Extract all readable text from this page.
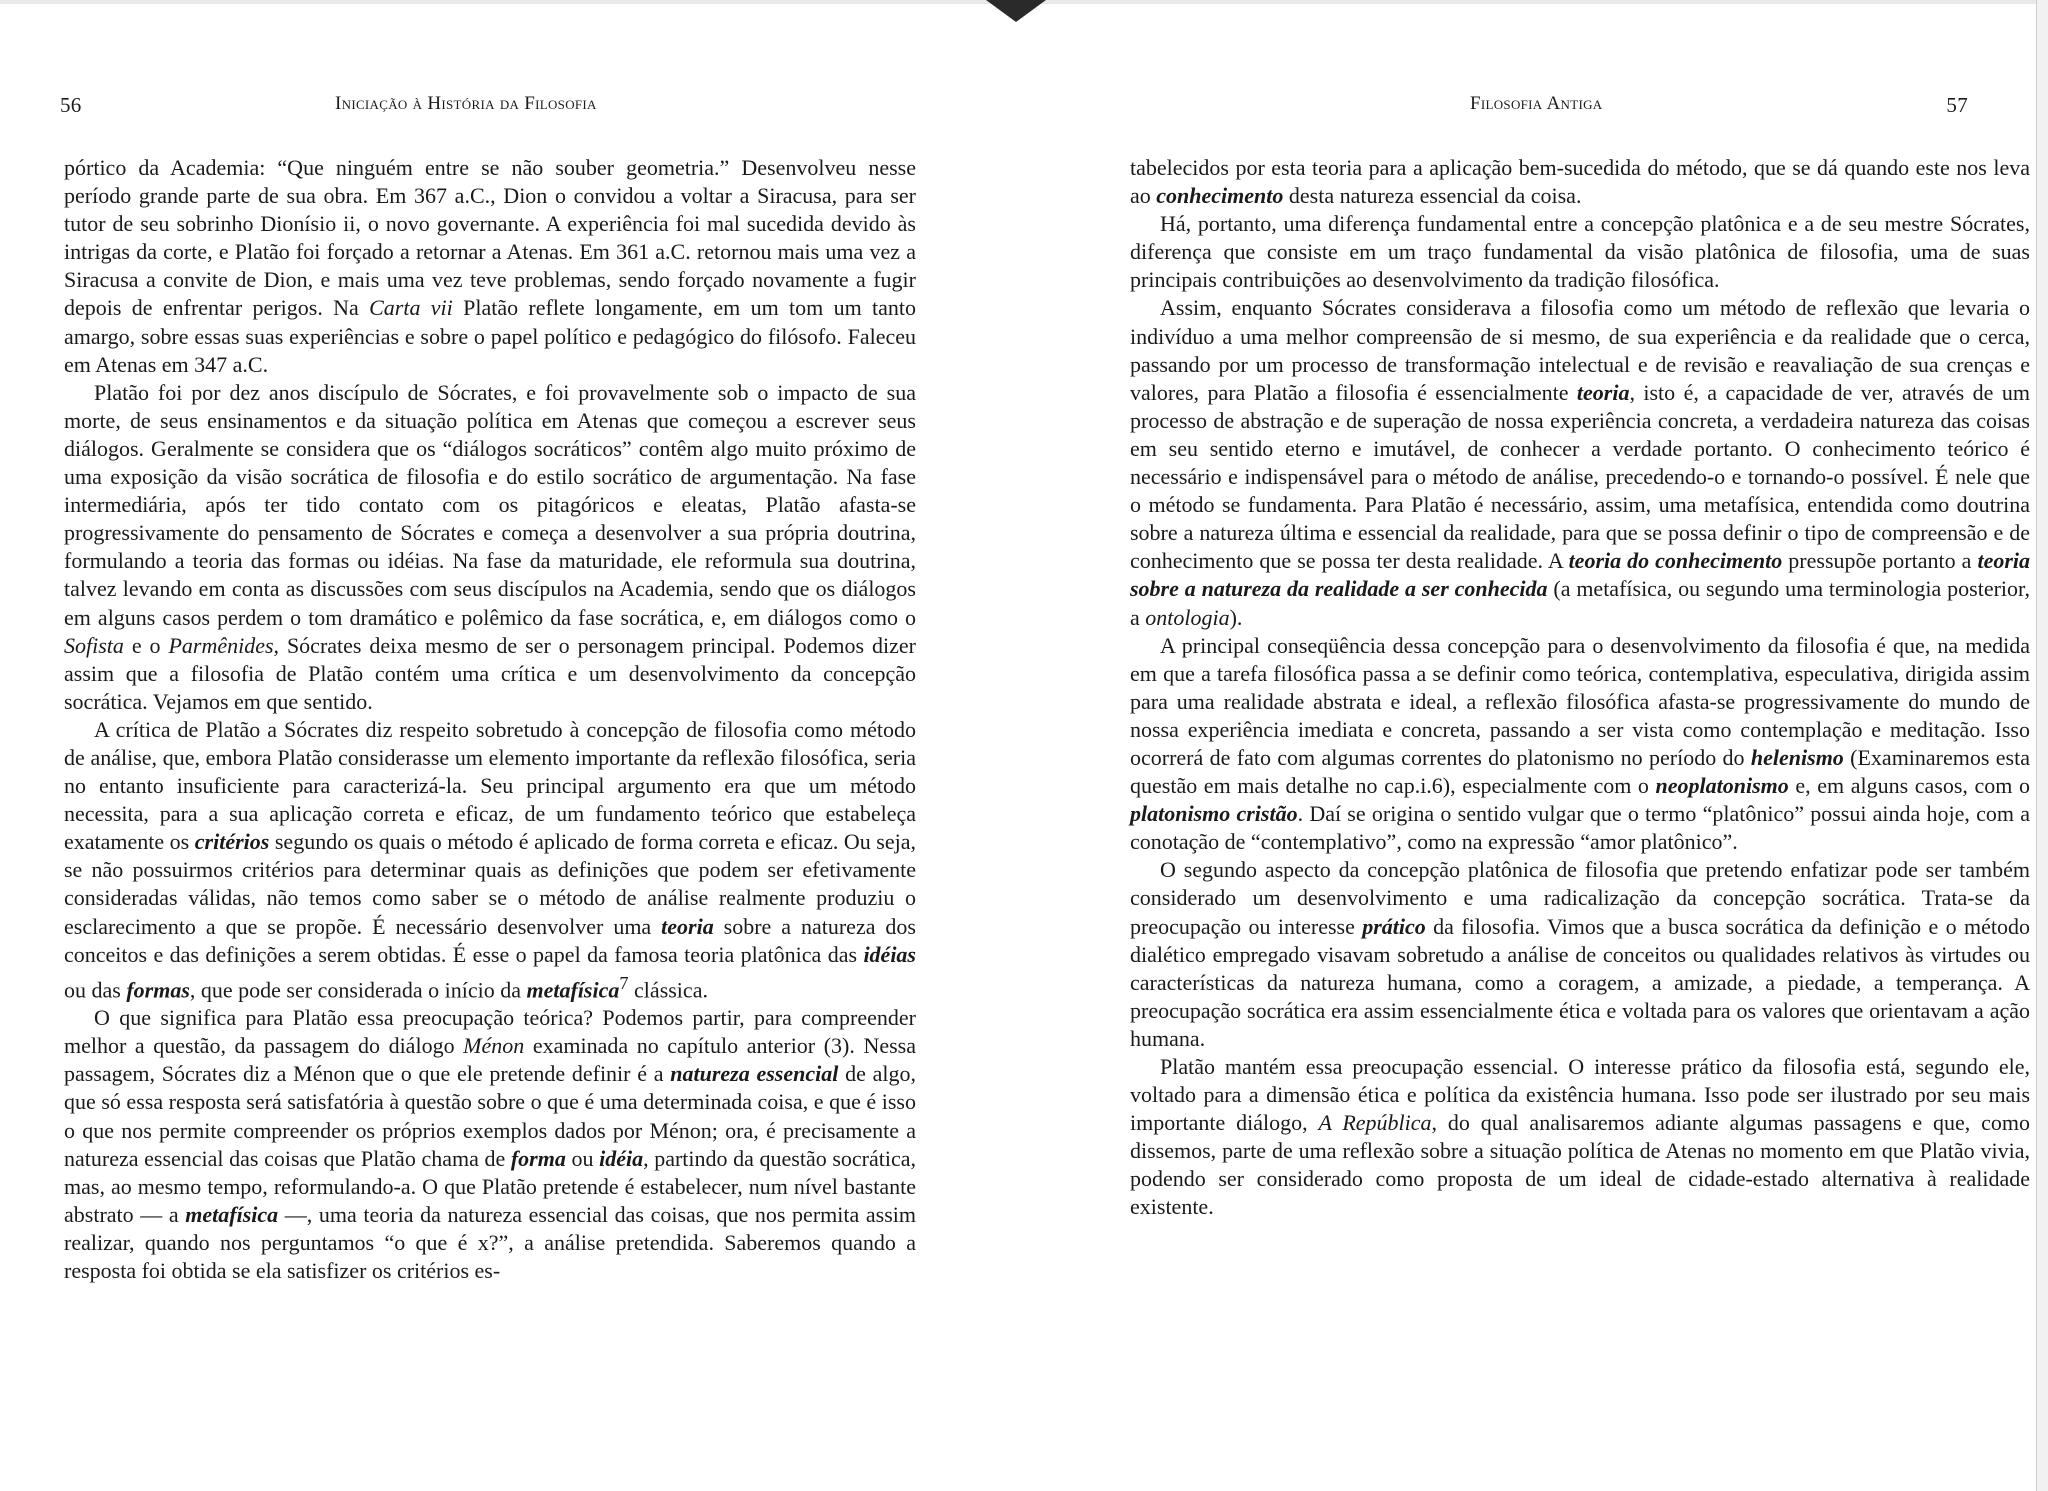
56	Iniciação à História da Filosofia

pórtico da Academia: “Que ninguém entre se não souber geometria.” Desenvolveu nesse período grande parte de sua obra. Em 367 a.C., Dion o convidou a voltar a Siracusa, para ser tutor de seu sobrinho Dionísio ii, o novo governante. A experiência foi mal sucedida devido às intrigas da corte, e Platão foi forçado a retornar a Atenas. Em 361 a.C. retornou mais uma vez a Siracusa a convite de Dion, e mais uma vez teve problemas, sendo forçado novamente a fugir depois de enfrentar perigos. Na Carta vii Platão reflete longamente, em um tom um tanto amargo, sobre essas suas experiências e sobre o papel político e pedagógico do filósofo. Faleceu em Atenas em 347 a.C.

Platão foi por dez anos discípulo de Sócrates, e foi provavelmente sob o impacto de sua morte, de seus ensinamentos e da situação política em Atenas que começou a escrever seus diálogos. Geralmente se considera que os “diálogos socráticos” contêm algo muito próximo de uma exposição da visão socrática de filosofia e do estilo socrático de argumentação. Na fase intermediária, após ter tido contato com os pitagóricos e eleatas, Platão afasta-se progressivamente do pensamento de Sócrates e começa a desenvolver a sua própria doutrina, formulando a teoria das formas ou idéias. Na fase da maturidade, ele reformula sua doutrina, talvez levando em conta as discussões com seus discípulos na Academia, sendo que os diálogos em alguns casos perdem o tom dramático e polêmico da fase socrática, e, em diálogos como o Sofista e o Parmênides, Sócrates deixa mesmo de ser o personagem principal. Podemos dizer assim que a filosofia de Platão contém uma crítica e um desenvolvimento da concepção socrática. Vejamos em que sentido.

A crítica de Platão a Sócrates diz respeito sobretudo à concepção de filosofia como método de análise, que, embora Platão considerasse um elemento importante da reflexão filosófica, seria no entanto insuficiente para caracterizá-la. Seu principal argumento era que um método necessita, para a sua aplicação correta e eficaz, de um fundamento teórico que estabeleça exatamente os critérios segundo os quais o método é aplicado de forma correta e eficaz. Ou seja, se não possuirmos critérios para determinar quais as definições que podem ser efetivamente consideradas válidas, não temos como saber se o método de análise realmente produziu o esclarecimento a que se propõe. É necessário desenvolver uma teoria sobre a natureza dos conceitos e das definições a serem obtidas. É esse o papel da famosa teoria platônica das idéias ou das formas, que pode ser considerada o início da metafísica$^7$ clássica.

O que significa para Platão essa preocupação teórica? Podemos partir, para compreender melhor a questão, da passagem do diálogo Ménon examinada no capítulo anterior (3). Nessa passagem, Sócrates diz a Ménon que o que ele pretende definir é a natureza essencial de algo, que só essa resposta será satisfatória à questão sobre o que é uma determinada coisa, e que é isso o que nos permite compreender os próprios exemplos dados por Ménon; ora, é precisamente a natureza essencial das coisas que Platão chama de forma ou idéia, partindo da questão socrática, mas, ao mesmo tempo, reformulando-a. O que Platão pretende é estabelecer, num nível bastante abstrato — a metafísica —, uma teoria da natureza essencial das coisas, que nos permita assim realizar, quando nos perguntamos “o que é x?”, a análise pretendida. Saberemos quando a resposta foi obtida se ela satisfizer os critérios es-

Filosofia Antiga	57

tabelecidos por esta teoria para a aplicação bem-sucedida do método, que se dá quando este nos leva ao conhecimento desta natureza essencial da coisa.

Há, portanto, uma diferença fundamental entre a concepção platônica e a de seu mestre Sócrates, diferença que consiste em um traço fundamental da visão platônica de filosofia, uma de suas principais contribuições ao desenvolvimento da tradição filosófica.

Assim, enquanto Sócrates considerava a filosofia como um método de reflexão que levaria o indivíduo a uma melhor compreensão de si mesmo, de sua experiência e da realidade que o cerca, passando por um processo de transformação intelectual e de revisão e reavaliação de sua crenças e valores, para Platão a filosofia é essencialmente teoria, isto é, a capacidade de ver, através de um processo de abstração e de superação de nossa experiência concreta, a verdadeira natureza das coisas em seu sentido eterno e imutável, de conhecer a verdade portanto. O conhecimento teórico é necessário e indispensável para o método de análise, precedendo-o e tornando-o possível. É nele que o método se fundamenta. Para Platão é necessário, assim, uma metafísica, entendida como doutrina sobre a natureza última e essencial da realidade, para que se possa definir o tipo de compreensão e de conhecimento que se possa ter desta realidade. A teoria do conhecimento pressupõe portanto a teoria sobre a natureza da realidade a ser conhecida (a metafísica, ou segundo uma terminologia posterior, a ontologia).

A principal conseqüência dessa concepção para o desenvolvimento da filosofia é que, na medida em que a tarefa filosófica passa a se definir como teórica, contemplativa, especulativa, dirigida assim para uma realidade abstrata e ideal, a reflexão filosófica afasta-se progressivamente do mundo de nossa experiência imediata e concreta, passando a ser vista como contemplação e meditação. Isso ocorrerá de fato com algumas correntes do platonismo no período do helenismo (Examinaremos esta questão em mais detalhe no cap.i.6), especialmente com o neoplatonismo e, em alguns casos, com o platonismo cristão. Daí se origina o sentido vulgar que o termo “platônico” possui ainda hoje, com a conotação de “contemplativo”, como na expressão “amor platônico”.

O segundo aspecto da concepção platônica de filosofia que pretendo enfatizar pode ser também considerado um desenvolvimento e uma radicalização da concepção socrática. Trata-se da preocupação ou interesse prático da filosofia. Vimos que a busca socrática da definição e o método dialético empregado visavam sobretudo a análise de conceitos ou qualidades relativos às virtudes ou características da natureza humana, como a coragem, a amizade, a piedade, a temperança. A preocupação socrática era assim essencialmente ética e voltada para os valores que orientavam a ação humana.

Platão mantém essa preocupação essencial. O interesse prático da filosofia está, segundo ele, voltado para a dimensão ética e política da existência humana. Isso pode ser ilustrado por seu mais importante diálogo, A República, do qual analisaremos adiante algumas passagens e que, como dissemos, parte de uma reflexão sobre a situação política de Atenas no momento em que Platão vivia, podendo ser considerado como proposta de um ideal de cidade-estado alternativa à realidade existente.
